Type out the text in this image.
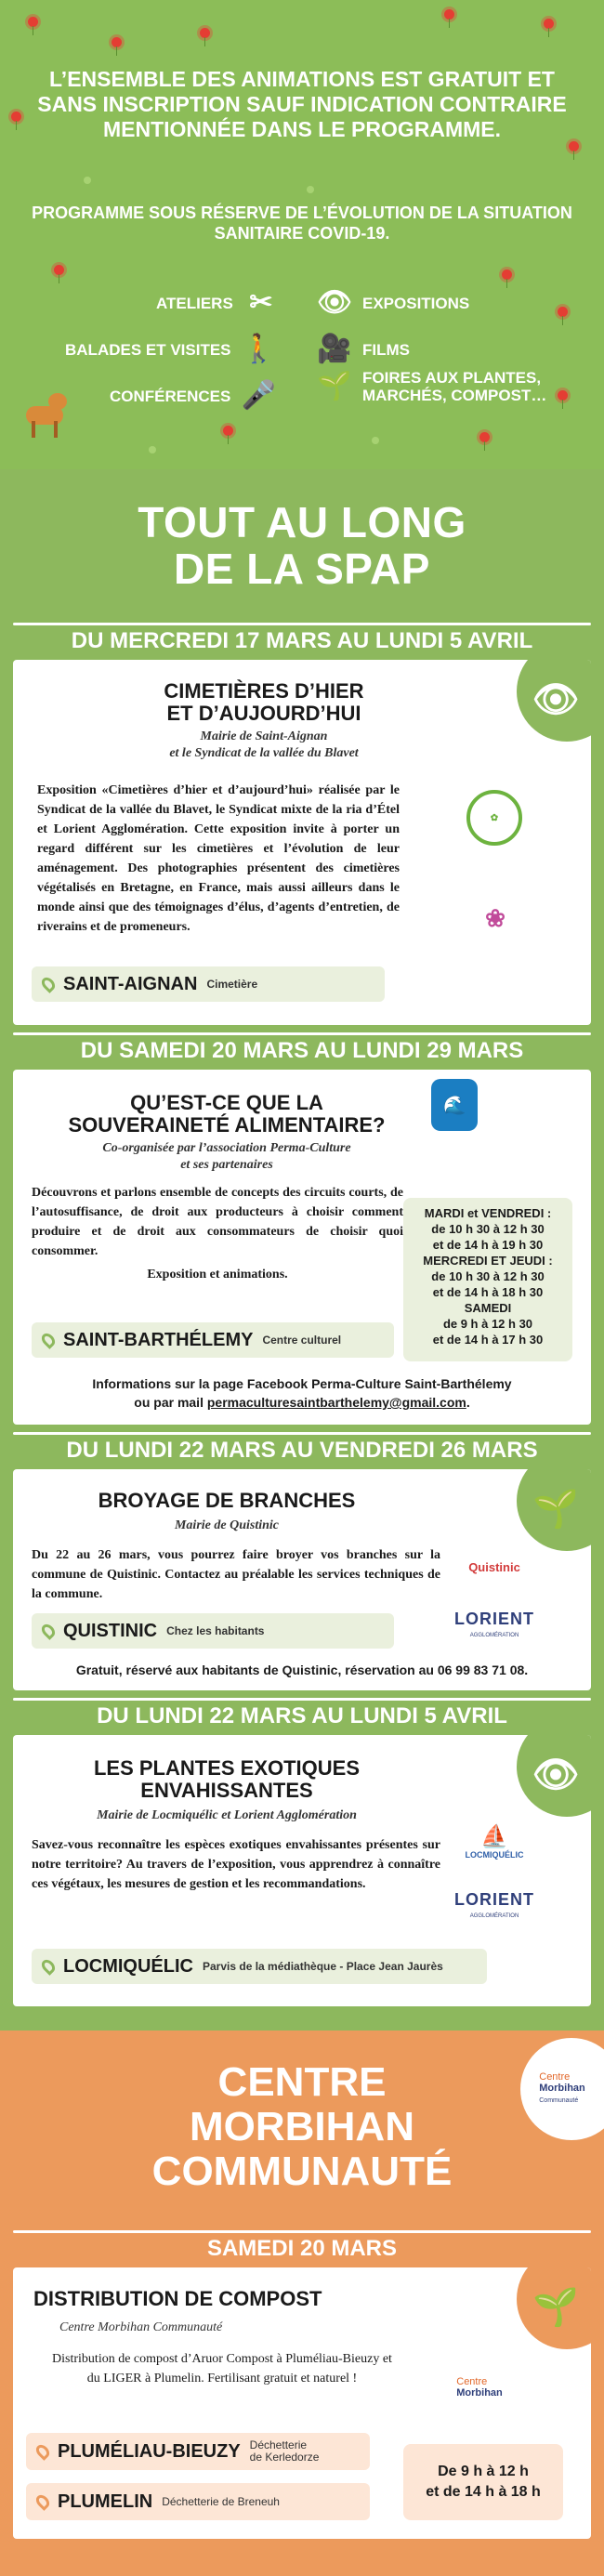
L’ENSEMBLE DES ANIMATIONS EST GRATUIT ET SANS INSCRIPTION SAUF INDICATION CONTRAIRE MENTIONNÉE DANS LE PROGRAMME.
PROGRAMME SOUS RÉSERVE DE L’ÉVOLUTION DE LA SITUATION SANITAIRE COVID-19.
ATELIERS ✂	👁 EXPOSITIONS
BALADES ET VISITES 🚶 🎥 FILMS
CONFÉRENCES 🎤 🌱 FOIRES AUX PLANTES,
MARCHÉS, COMPOST…
TOUT AU LONG
DE LA SPAP
DU MERCREDI 17 MARS AU LUNDI 5 AVRIL
👁
CIMETIÈRES D’HIER
ET D’AUJOURD’HUI
Mairie de Saint-Aignan
et le Syndicat de la vallée du Blavet
Exposition «Cimetières d’hier et d’aujourd’hui» réalisée par le Syndicat de la vallée du Blavet, le Syndicat mixte de la ria d’Étel et Lorient Agglomération. Cette exposition invite à porter un regard différent sur les cimetières et l’évolution de leur aménagement. Des photographies présentent des cimetières végétalisés en Bretagne, en France, mais aussi ailleurs dans le monde ainsi que des témoignages d’élus, d’agents d’entretien, de riverains et de promeneurs.
✿
❀
SAINT-AIGNAN Cimetière
DU SAMEDI 20 MARS AU LUNDI 29 MARS
🌊
QU’EST-CE QUE LA
SOUVERAINETÉ ALIMENTAIRE?
Co-organisée par l’association Perma-Culture
et ses partenaires
Découvrons et parlons ensemble de concepts des circuits courts, de l’autosuffisance, de droit aux producteurs à choisir comment produire et de droit aux consommateurs de choisir quoi consommer.
Exposition et animations.
MARDI et VENDREDI :
de 10 h 30 à 12 h 30
et de 14 h à 19 h 30
MERCREDI ET JEUDI :
de 10 h 30 à 12 h 30
et de 14 h à 18 h 30
SAMEDI
de 9 h à 12 h 30
et de 14 h à 17 h 30
SAINT-BARTHÉLEMY Centre culturel
Informations sur la page Facebook Perma-Culture Saint-Barthélemy
ou par mail permaculturesaintbarthelemy@gmail.com.
DU LUNDI 22 MARS AU VENDREDI 26 MARS
🌱
BROYAGE DE BRANCHES
Mairie de Quistinic
Du 22 au 26 mars, vous pourrez faire broyer vos branches sur la commune de Quistinic. Contactez au préalable les services techniques de la commune.
Quistinic
LORIENT
AGGLOMÉRATION
QUISTINIC Chez les habitants
Gratuit, réservé aux habitants de Quistinic, réservation au 06 99 83 71 08.
DU LUNDI 22 MARS AU LUNDI 5 AVRIL
👁
LES PLANTES EXOTIQUES
ENVAHISSANTES
Mairie de Locmiquélic et Lorient Agglomération
Savez-vous reconnaître les espèces exotiques envahissantes présentes sur notre territoire? Au travers de l’exposition, vous apprendrez à connaître ces végétaux, les mesures de gestion et les recommandations.
⛵
LOCMIQUÉLIC
LORIENT
AGGLOMÉRATION
LOCMIQUÉLIC Parvis de la médiathèque - Place Jean Jaurès
CENTRE
MORBIHAN
COMMUNAUTÉ
Centre
Morbihan
Communauté
SAMEDI 20 MARS
🌱
DISTRIBUTION DE COMPOST
Centre Morbihan Communauté
Distribution de compost d’Aruor Compost à Pluméliau-Bieuzy et du LIGER à Plumelin. Fertilisant gratuit et naturel !	Centre
Morbihan
PLUMÉLIAU-BIEUZY Déchetterie
de Kerledorze
PLUMELIN Déchetterie de Breneuh
De 9 h à 12 h
et de 14 h à 18 h
